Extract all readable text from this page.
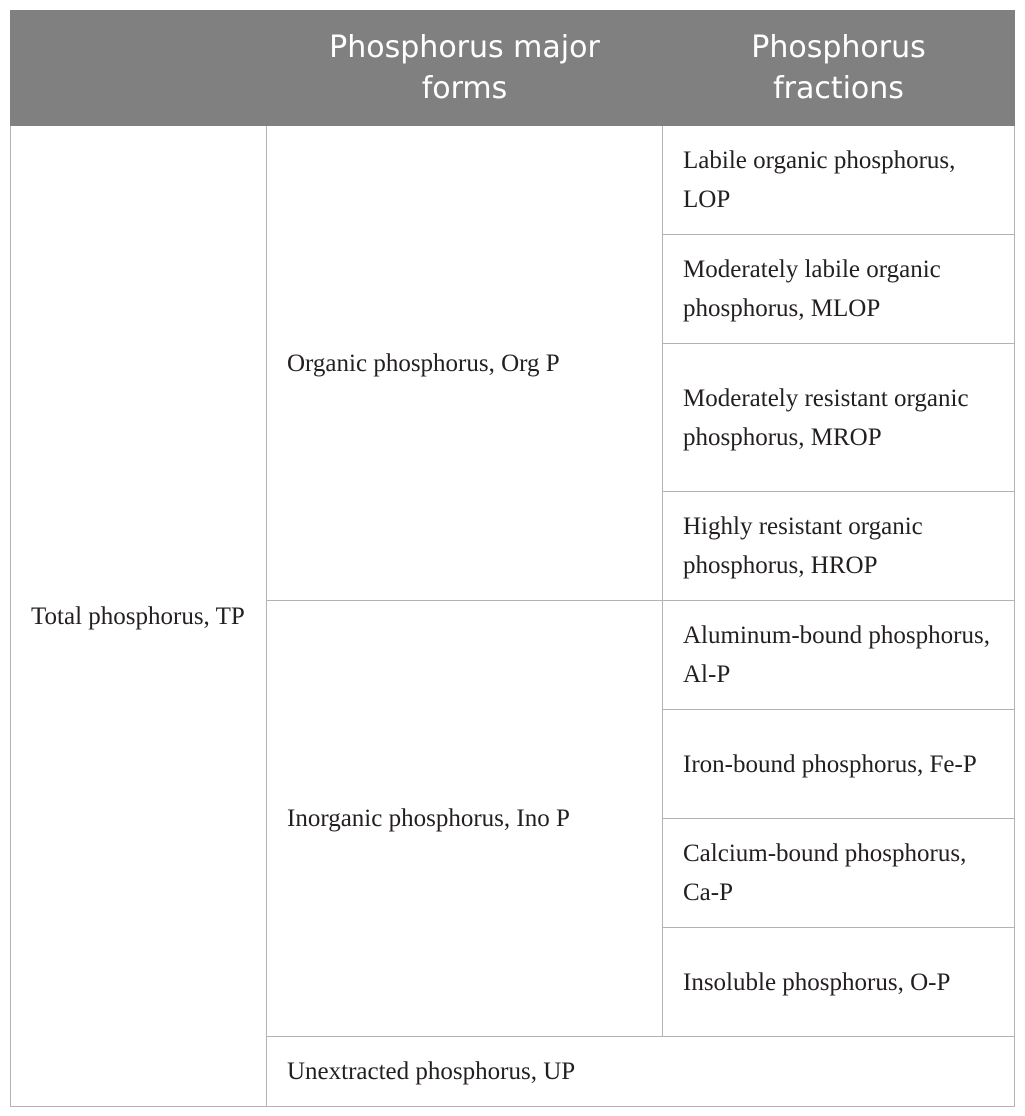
	Phosphorus major forms	Phosphorus fractions
Total phosphorus, TP	Organic phosphorus, Org P	Labile organic phosphorus, LOP
		Moderately labile organic phosphorus, MLOP
		Moderately resistant organic phosphorus, MROP
		Highly resistant organic phosphorus, HROP
	Inorganic phosphorus, Ino P	Aluminum-bound phosphorus, Al-P
		Iron-bound phosphorus, Fe-P
		Calcium-bound phosphorus, Ca-P
		Insoluble phosphorus, O-P
	Unextracted phosphorus, UP	
